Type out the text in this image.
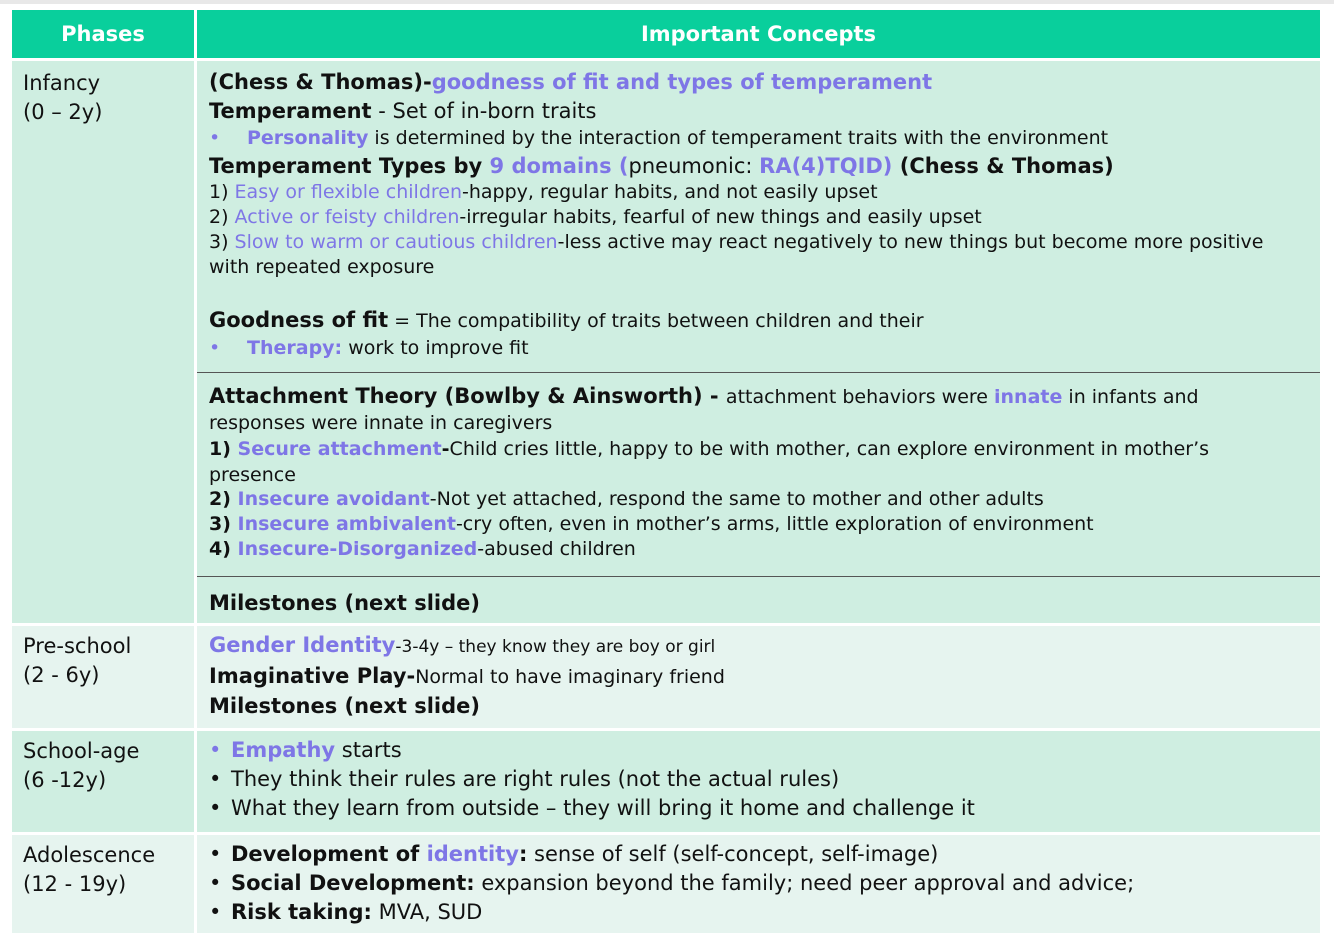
Phases	Important Concepts
Infancy
(0 – 2y)
(Chess & Thomas)-goodness of fit and types of temperament
Temperament - Set of in-born traits
• Personality is determined by the interaction of temperament traits with the environment
Temperament Types by 9 domains (pneumonic: RA(4)TQID) (Chess & Thomas)
1) Easy or flexible children-happy, regular habits, and not easily upset
2) Active or feisty children-irregular habits, fearful of new things and easily upset
3) Slow to warm or cautious children-less active may react negatively to new things but become more positive
with repeated exposure
Goodness of fit = The compatibility of traits between children and their
• Therapy: work to improve fit
Attachment Theory (Bowlby & Ainsworth) - attachment behaviors were innate in infants and
responses were innate in caregivers
1) Secure attachment-Child cries little, happy to be with mother, can explore environment in mother’s
presence
2) Insecure avoidant-Not yet attached, respond the same to mother and other adults
3) Insecure ambivalent-cry often, even in mother’s arms, little exploration of environment
4) Insecure-Disorganized-abused children
Milestones (next slide)
Pre-school
(2 - 6y)
Gender Identity-3-4y – they know they are boy or girl
Imaginative Play-Normal to have imaginary friend
Milestones (next slide)
School-age
(6 -12y)
• Empathy starts
• They think their rules are right rules (not the actual rules)
• What they learn from outside – they will bring it home and challenge it
Adolescence
(12 - 19y)
• Development of identity: sense of self (self-concept, self-image)
• Social Development: expansion beyond the family; need peer approval and advice;
• Risk taking: MVA, SUD
